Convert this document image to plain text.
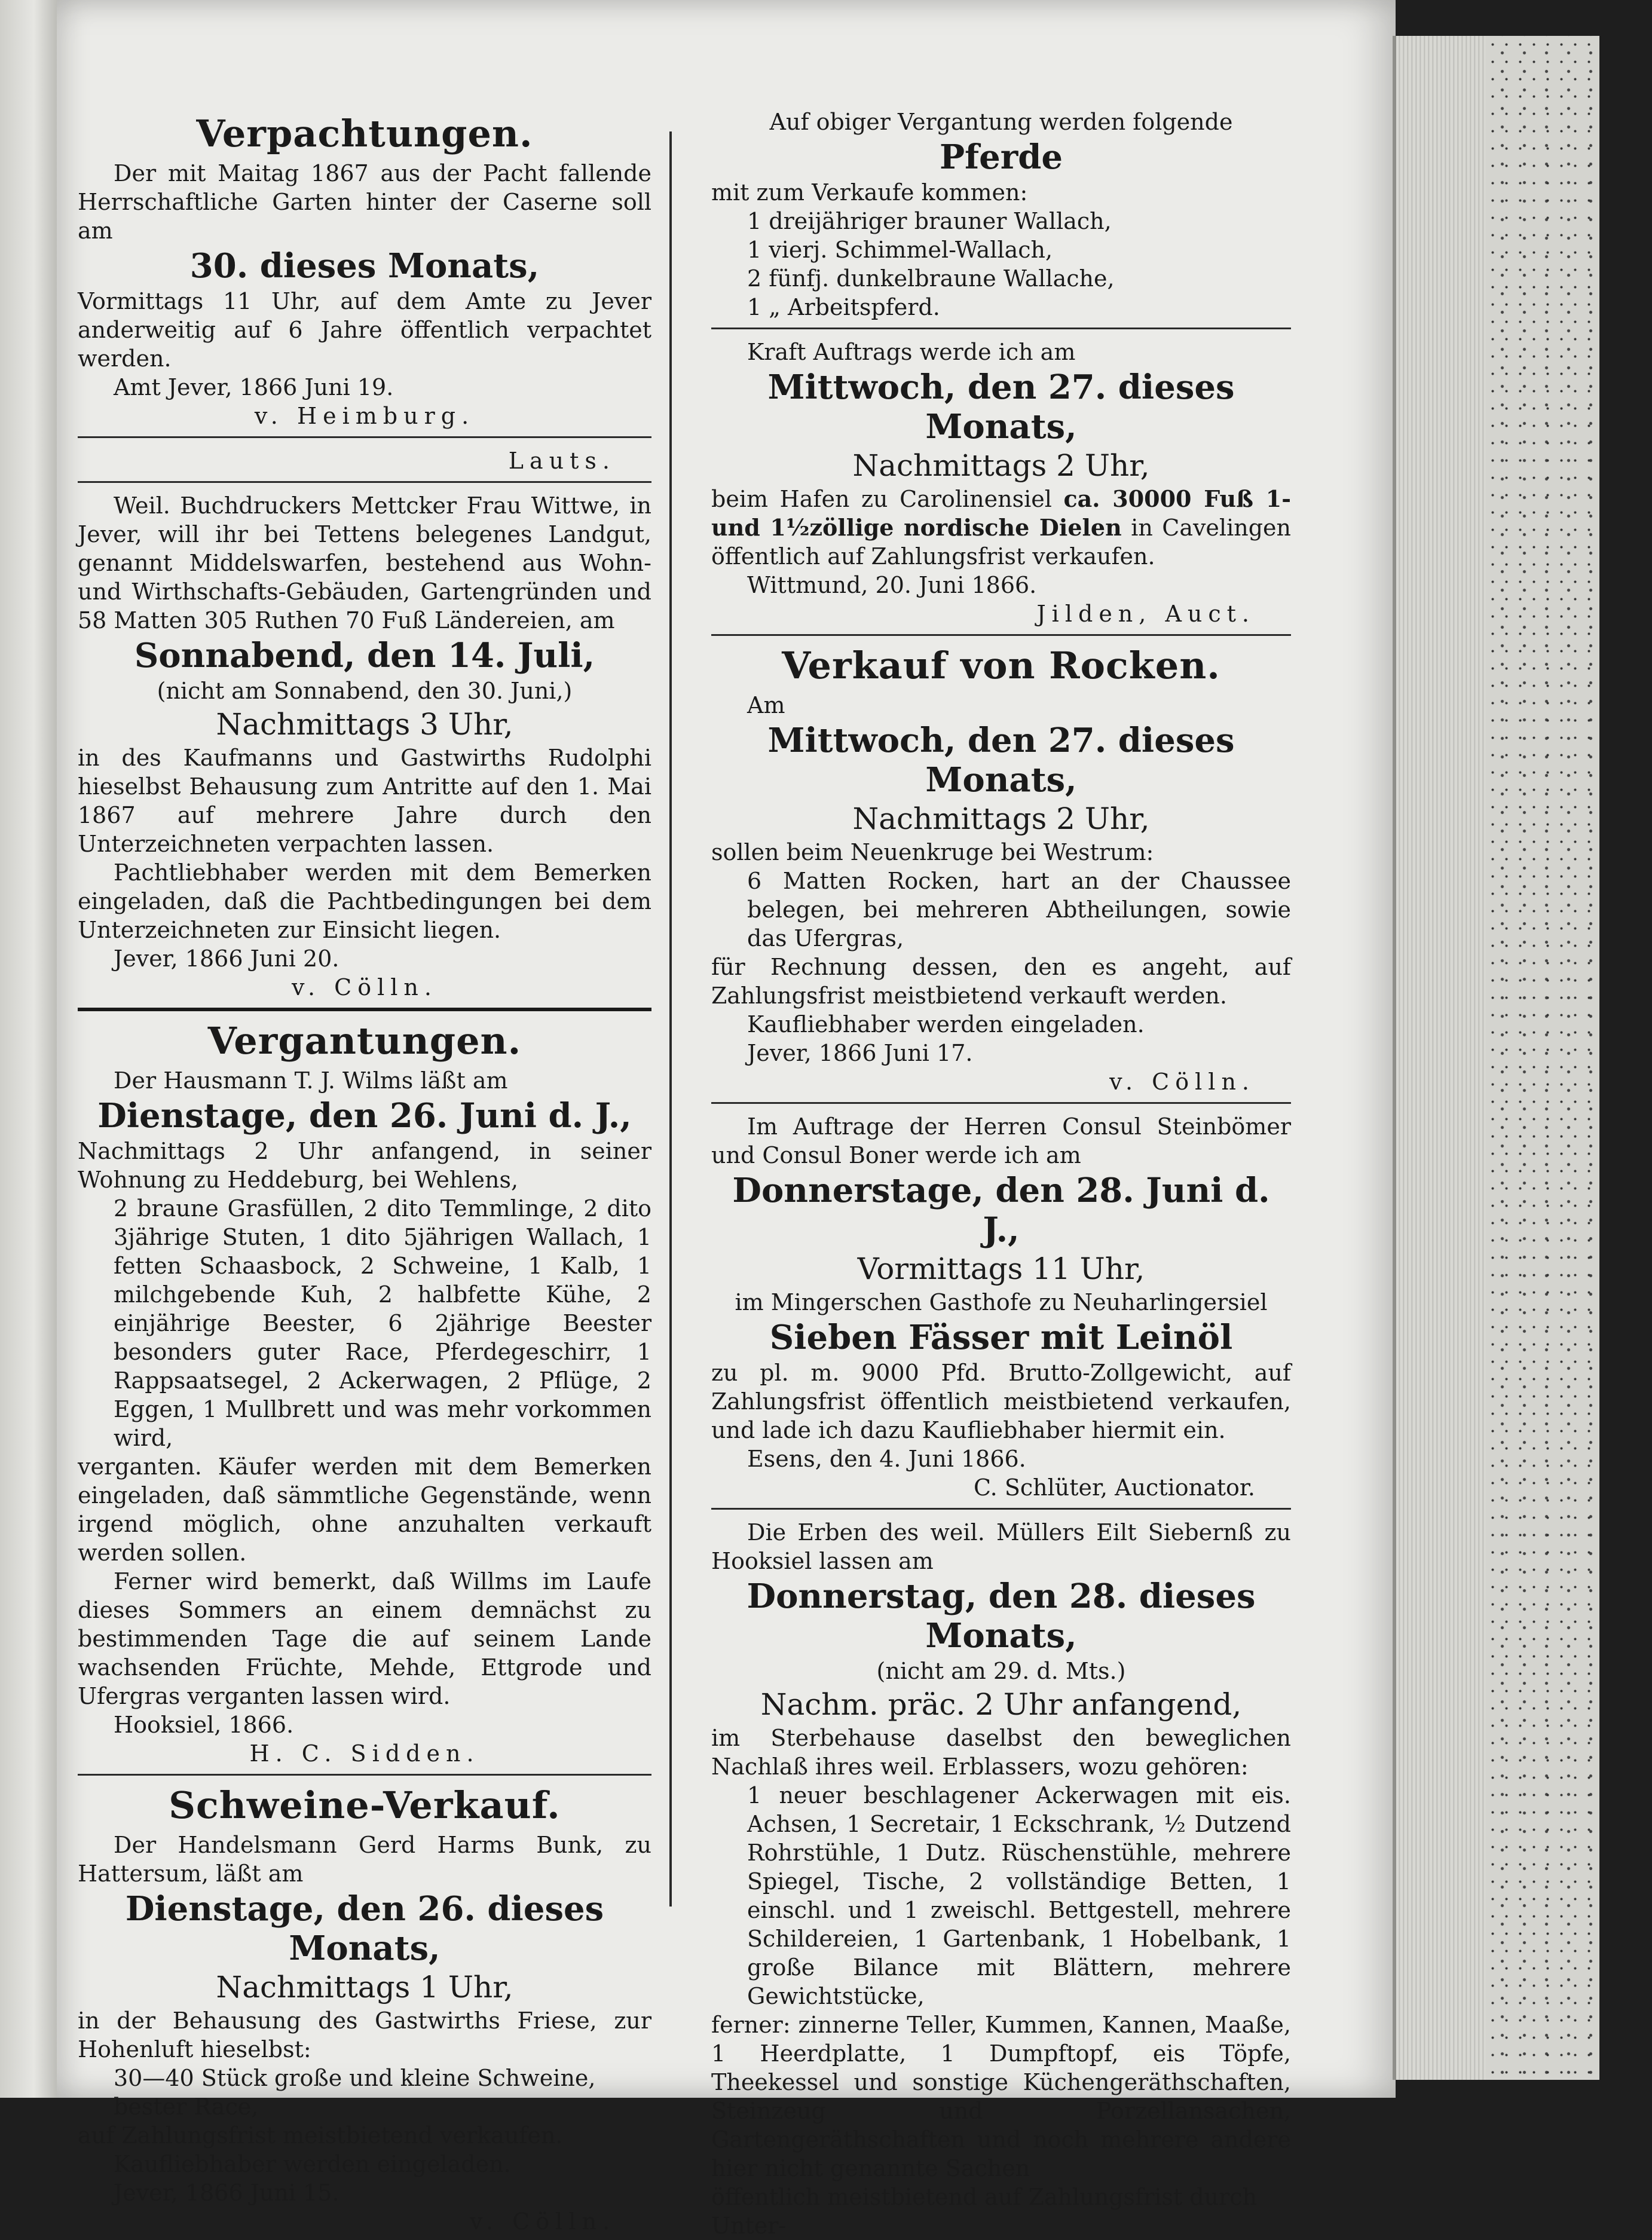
Verpachtungen.

Der mit Maitag 1867 aus der Pacht fallende Herrschaftliche Garten hinter der Caserne soll am

30. dieses Monats,

Vormittags 11 Uhr, auf dem Amte zu Jever anderweitig auf 6 Jahre öffentlich verpachtet werden.

Amt Jever, 1866 Juni 19.

v. Heimburg.

Lauts.

Weil. Buchdruckers Mettcker Frau Wittwe, in Jever, will ihr bei Tettens belegenes Landgut, genannt Middelswarfen, bestehend aus Wohn- und Wirthschafts-Gebäuden, Gartengründen und 58 Matten 305 Ruthen 70 Fuß Ländereien, am

Sonnabend, den 14. Juli,

(nicht am Sonnabend, den 30. Juni,)

Nachmittags 3 Uhr,

in des Kaufmanns und Gastwirths Rudolphi hieselbst Behausung zum Antritte auf den 1. Mai 1867 auf mehrere Jahre durch den Unterzeichneten verpachten lassen.

Pachtliebhaber werden mit dem Bemerken eingeladen, daß die Pachtbedingungen bei dem Unterzeichneten zur Einsicht liegen.

Jever, 1866 Juni 20.

v. Cölln.

Vergantungen.

Der Hausmann T. J. Wilms läßt am

Dienstage, den 26. Juni d. J.,

Nachmittags 2 Uhr anfangend, in seiner Wohnung zu Heddeburg, bei Wehlens,

2 braune Grasfüllen, 2 dito Temmlinge, 2 dito 3jährige Stuten, 1 dito 5jährigen Wallach, 1 fetten Schaasbock, 2 Schweine, 1 Kalb, 1 milchgebende Kuh, 2 halbfette Kühe, 2 einjährige Beester, 6 2jährige Beester besonders guter Race, Pferdegeschirr, 1 Rappsaatsegel, 2 Ackerwagen, 2 Pflüge, 2 Eggen, 1 Mullbrett und was mehr vorkommen wird,

verganten. Käufer werden mit dem Bemerken eingeladen, daß sämmtliche Gegenstände, wenn irgend möglich, ohne anzuhalten verkauft werden sollen.

Ferner wird bemerkt, daß Willms im Laufe dieses Sommers an einem demnächst zu bestimmenden Tage die auf seinem Lande wachsenden Früchte, Mehde, Ettgrode und Ufergras verganten lassen wird.

Hooksiel, 1866.

H. C. Sidden.

Schweine-Verkauf.

Der Handelsmann Gerd Harms Bunk, zu Hattersum, läßt am

Dienstage, den 26. dieses Monats,
Nachmittags 1 Uhr,

in der Behausung des Gastwirths Friese, zur Hohenluft hieselbst:

30—40 Stück große und kleine Schweine, bester Race,

auf Zahlungsfrist meistbietend verkaufen.

Kaufliebhaber werden eingeladen.

Jever, 1866 Juni 15.

v. Cölln.

Auf obiger Vergantung werden folgende

Pferde

mit zum Verkaufe kommen:

1 dreijähriger brauner Wallach,

1 vierj. Schimmel-Wallach,

2 fünfj. dunkelbraune Wallache,

1 „ Arbeitspferd.

Kraft Auftrags werde ich am

Mittwoch, den 27. dieses Monats,
Nachmittags 2 Uhr,

beim Hafen zu Carolinensiel ca. 30000 Fuß 1- und 1½zöllige nordische Dielen in Cavelingen öffentlich auf Zahlungsfrist verkaufen.

Wittmund, 20. Juni 1866.

Jilden, Auct.

Verkauf von Rocken.

Am

Mittwoch, den 27. dieses Monats,
Nachmittags 2 Uhr,

sollen beim Neuenkruge bei Westrum:

6 Matten Rocken, hart an der Chaussee belegen, bei mehreren Abtheilungen, sowie das Ufergras,

für Rechnung dessen, den es angeht, auf Zahlungsfrist meistbietend verkauft werden.

Kaufliebhaber werden eingeladen.

Jever, 1866 Juni 17.

v. Cölln.

Im Auftrage der Herren Consul Steinbömer und Consul Boner werde ich am

Donnerstage, den 28. Juni d. J.,
Vormittags 11 Uhr,

im Mingerschen Gasthofe zu Neuharlingersiel

Sieben Fässer mit Leinöl

zu pl. m. 9000 Pfd. Brutto-Zollgewicht, auf Zahlungsfrist öffentlich meistbietend verkaufen, und lade ich dazu Kaufliebhaber hiermit ein.

Esens, den 4. Juni 1866.

C. Schlüter, Auctionator.

Die Erben des weil. Müllers Eilt Siebernß zu Hooksiel lassen am

Donnerstag, den 28. dieses Monats,

(nicht am 29. d. Mts.)

Nachm. präc. 2 Uhr anfangend,

im Sterbehause daselbst den beweglichen Nachlaß ihres weil. Erblassers, wozu gehören:

1 neuer beschlagener Ackerwagen mit eis. Achsen, 1 Secretair, 1 Eckschrank, ½ Dutzend Rohrstühle, 1 Dutz. Rüschenstühle, mehrere Spiegel, Tische, 2 vollständige Betten, 1 einschl. und 1 zweischl. Bettgestell, mehrere Schildereien, 1 Gartenbank, 1 Hobelbank, 1 große Bilance mit Blättern, mehrere Gewichtstücke,

ferner: zinnerne Teller, Kummen, Kannen, Maaße, 1 Heerdplatte, 1 Dumpftopf, eis Töpfe, Theekessel und sonstige Küchengeräthschaften, Steinzeug und Porzellansachen, Gartengeräthschaften und noch mehrere andere hier nicht genannte Sachen

öffentlich meistbietend auf Zahlungsfrist durch Unter-
